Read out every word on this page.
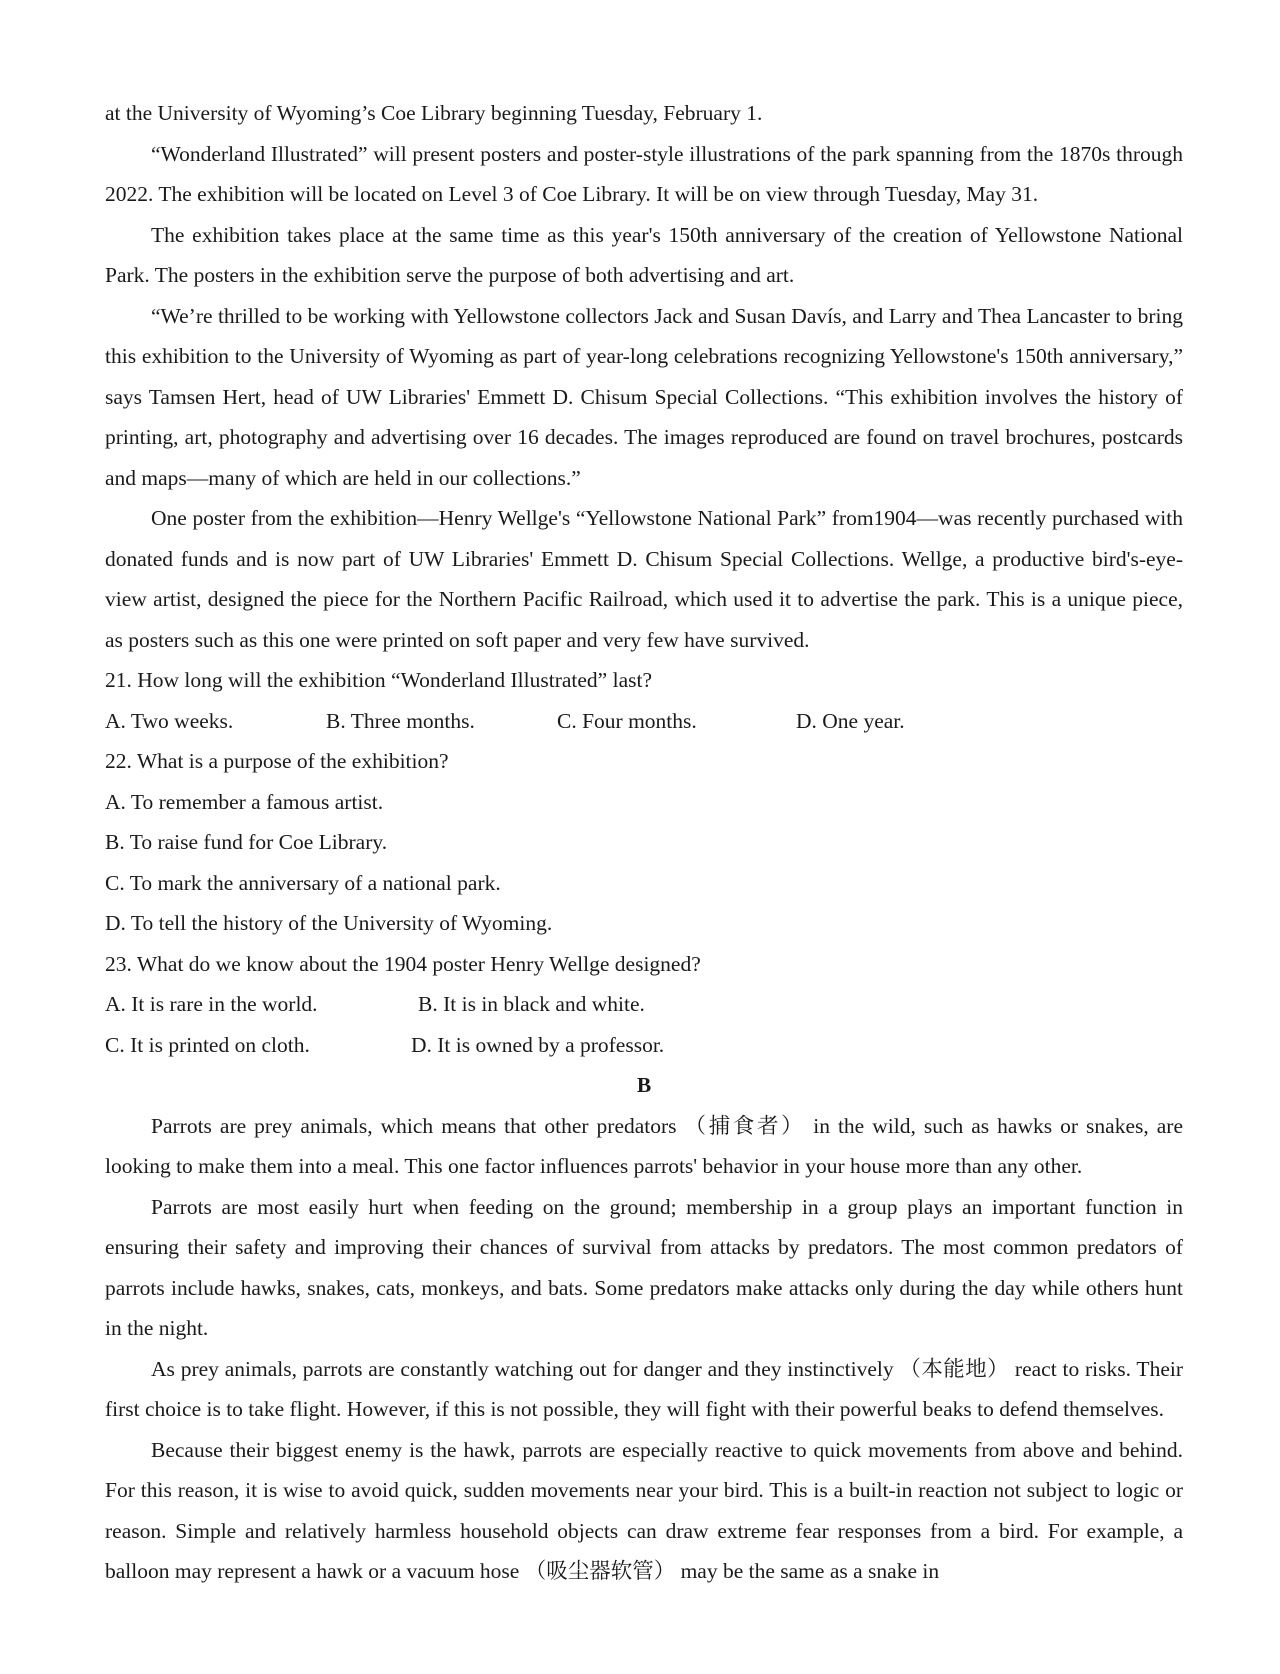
at the University of Wyoming’s Coe Library beginning Tuesday, February 1.

“Wonderland Illustrated” will present posters and poster-style illustrations of the park spanning from the 1870s through 2022. The exhibition will be located on Level 3 of Coe Library. It will be on view through Tuesday, May 31.

The exhibition takes place at the same time as this year's 150th anniversary of the creation of Yellowstone National Park. The posters in the exhibition serve the purpose of both advertising and art.

“We’re thrilled to be working with Yellowstone collectors Jack and Susan Davís, and Larry and Thea Lancaster to bring this exhibition to the University of Wyoming as part of year-long celebrations recognizing Yellowstone's 150th anniversary,” says Tamsen Hert, head of UW Libraries' Emmett D. Chisum Special Collections. “This exhibition involves the history of printing, art, photography and advertising over 16 decades. The images reproduced are found on travel brochures, postcards and maps—many of which are held in our collections.”

One poster from the exhibition—Henry Wellge's “Yellowstone National Park” from1904—was recently purchased with donated funds and is now part of UW Libraries' Emmett D. Chisum Special Collections. Wellge, a productive bird's-eye-view artist, designed the piece for the Northern Pacific Railroad, which used it to advertise the park. This is a unique piece, as posters such as this one were printed on soft paper and very few have survived.

21. How long will the exhibition “Wonderland Illustrated” last?

A. Two weeks.	B. Three months.	C. Four months.	D. One year.

22. What is a purpose of the exhibition?

A. To remember a famous artist.

B. To raise fund for Coe Library.

C. To mark the anniversary of a national park.

D. To tell the history of the University of Wyoming.

23. What do we know about the 1904 poster Henry Wellge designed?

A. It is rare in the world.	B. It is in black and white.
C. It is printed on cloth.	D. It is owned by a professor.

B

Parrots are prey animals, which means that other predators （捕食者） in the wild, such as hawks or snakes, are looking to make them into a meal. This one factor influences parrots' behavior in your house more than any other.

Parrots are most easily hurt when feeding on the ground; membership in a group plays an important function in ensuring their safety and improving their chances of survival from attacks by predators. The most common predators of parrots include hawks, snakes, cats, monkeys, and bats. Some predators make attacks only during the day while others hunt in the night.

As prey animals, parrots are constantly watching out for danger and they instinctively （本能地） react to risks. Their first choice is to take flight. However, if this is not possible, they will fight with their powerful beaks to defend themselves.

Because their biggest enemy is the hawk, parrots are especially reactive to quick movements from above and behind. For this reason, it is wise to avoid quick, sudden movements near your bird. This is a built-in reaction not subject to logic or reason. Simple and relatively harmless household objects can draw extreme fear responses from a bird. For example, a balloon may represent a hawk or a vacuum hose （吸尘器软管） may be the same as a snake in
